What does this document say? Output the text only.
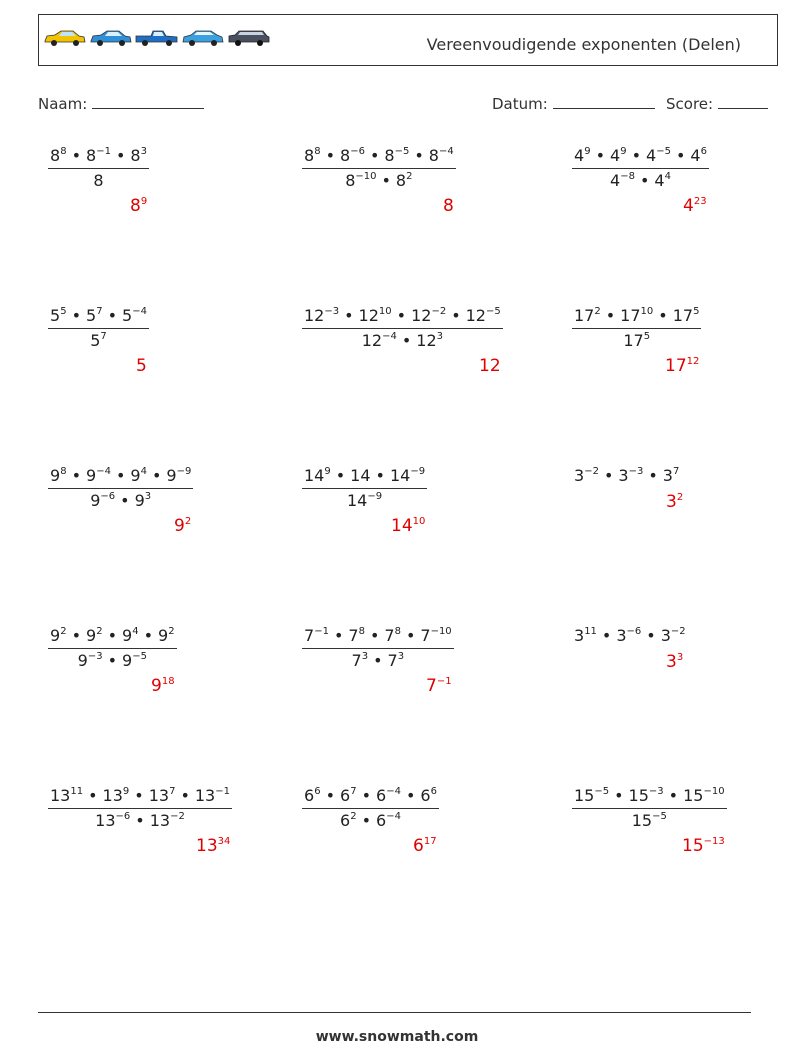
Vereenvoudigende exponenten (Delen)
Naam:	Datum:	Score:
$\frac{8^8 • 8^{-1} • 8^3}{8}$
$8^9$
$\frac{8^8 • 8^{-6} • 8^{-5} • 8^{-4}}{8^{-10} • 8^2}$
8
$\frac{4^9 • 4^9 • 4^{-5} • 4^6}{4^{-8} • 4^4}$
$4^{23}$
$\frac{5^5 • 5^7 • 5^{-4}}{5^7}$
5
$\frac{12^{-3} • 12^{10} • 12^{-2} • 12^{-5}}{12^{-4} • 12^3}$
12
$\frac{17^2 • 17^{10} • 17^5}{17^5}$
$17^{12}$
$\frac{9^8 • 9^{-4} • 9^4 • 9^{-9}}{9^{-6} • 9^3}$
$9^2$
$\frac{14^9 • 14 • 14^{-9}}{14^{-9}}$
$14^{10}$
$3^{-2}$ • $3^{-3}$ • $3^7$
$3^2$
$\frac{9^2 • 9^2 • 9^4 • 9^2}{9^{-3} • 9^{-5}}$
$9^{18}$
$\frac{7^{-1} • 7^8 • 7^8 • 7^{-10}}{7^3 • 7^3}$
$7^{-1}$
$3^{11}$ • $3^{-6}$ • $3^{-2}$
$3^3$
$\frac{13^{11} • 13^9 • 13^7 • 13^{-1}}{13^{-6} • 13^{-2}}$
$13^{34}$
$\frac{6^6 • 6^7 • 6^{-4} • 6^6}{6^2 • 6^{-4}}$
$6^{17}$
$\frac{15^{-5} • 15^{-3} • 15^{-10}}{15^{-5}}$
$15^{-13}$
www.snowmath.com
